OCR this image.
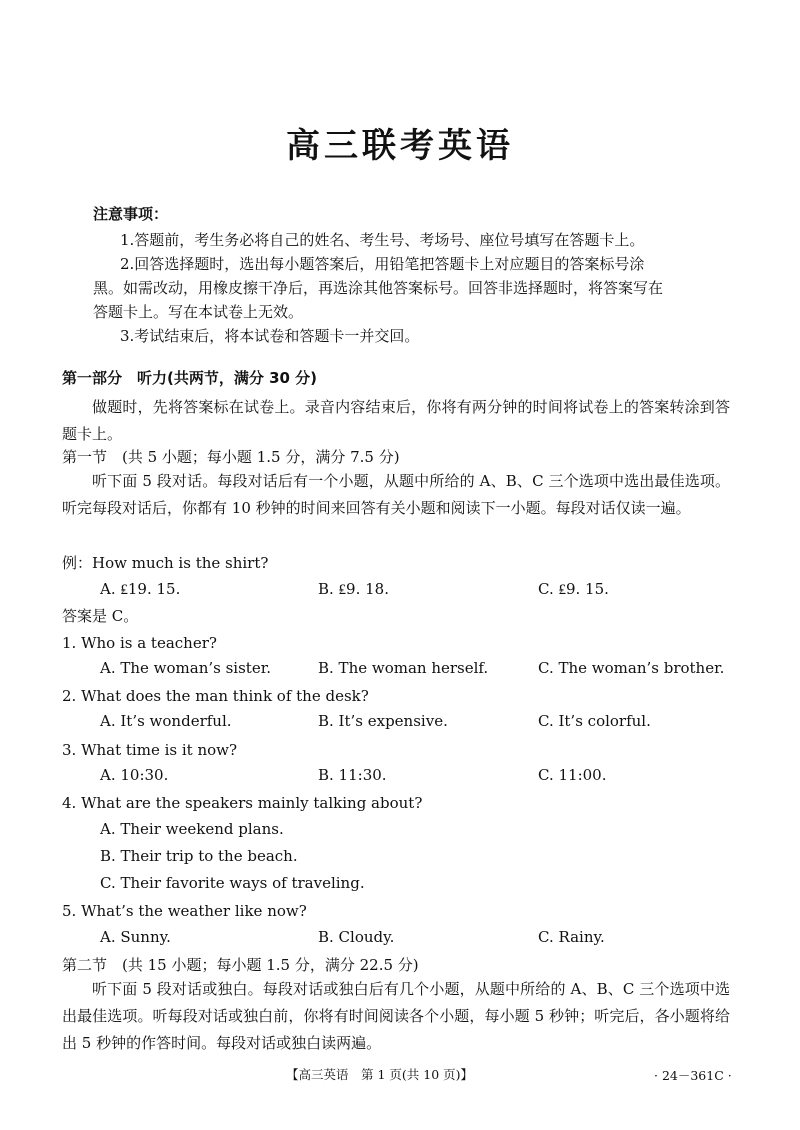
高三联考英语
注意事项：
1.答题前，考生务必将自己的姓名、考生号、考场号、座位号填写在答题卡上。
2.回答选择题时，选出每小题答案后，用铅笔把答题卡上对应题目的答案标号涂
黑。如需改动，用橡皮擦干净后，再选涂其他答案标号。回答非选择题时，将答案写在
答题卡上。写在本试卷上无效。
3.考试结束后，将本试卷和答题卡一并交回。
第一部分　听力(共两节，满分 30 分)
做题时，先将答案标在试卷上。录音内容结束后，你将有两分钟的时间将试卷上的答案转涂到答题卡上。
第一节　(共 5 小题；每小题 1.5 分，满分 7.5 分)
听下面 5 段对话。每段对话后有一个小题，从题中所给的 A、B、C 三个选项中选出最佳选项。听完每段对话后，你都有 10 秒钟的时间来回答有关小题和阅读下一小题。每段对话仅读一遍。
例：How much is the shirt?
A. ₤19. 15.	B. ₤9. 18.	C. ₤9. 15.
答案是 C。
1. Who is a teacher?
A. The woman’s sister.	B. The woman herself.	C. The woman’s brother.
2. What does the man think of the desk?
A. It’s wonderful.	B. It’s expensive.	C. It’s colorful.
3. What time is it now?
A. 10:30.	B. 11:30.	C. 11:00.
4. What are the speakers mainly talking about?
A. Their weekend plans.
B. Their trip to the beach.
C. Their favorite ways of traveling.
5. What’s the weather like now?
A. Sunny.	B. Cloudy.	C. Rainy.
第二节　(共 15 小题；每小题 1.5 分，满分 22.5 分)
听下面 5 段对话或独白。每段对话或独白后有几个小题，从题中所给的 A、B、C 三个选项中选出最佳选项。听每段对话或独白前，你将有时间阅读各个小题，每小题 5 秒钟；听完后，各小题将给出 5 秒钟的作答时间。每段对话或独白读两遍。
【高三英语　第 1 页(共 10 页)】	· 24－361C ·
